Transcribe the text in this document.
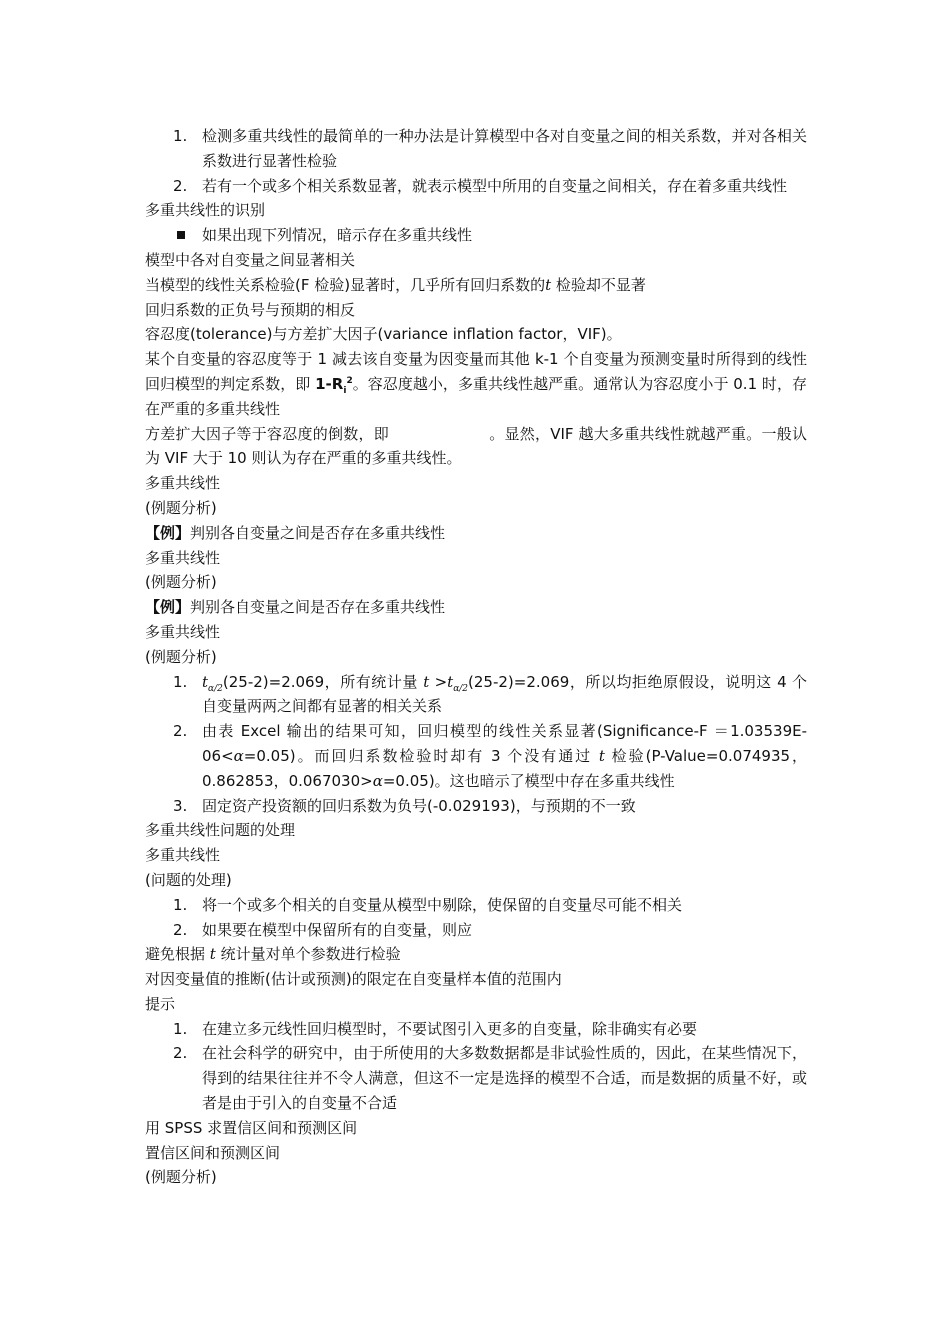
1. 检测多重共线性的最简单的一种办法是计算模型中各对自变量之间的相关系数，并对各相关系数进行显著性检验

2. 若有一个或多个相关系数显著，就表示模型中所用的自变量之间相关，存在着多重共线性

多重共线性的识别

如果出现下列情况，暗示存在多重共线性

模型中各对自变量之间显著相关

当模型的线性关系检验(F 检验)显著时，几乎所有回归系数的t 检验却不显著

回归系数的正负号与预期的相反

容忍度(tolerance)与方差扩大因子(variance inflation factor，VIF)。

某个自变量的容忍度等于 1 减去该自变量为因变量而其他 k-1 个自变量为预测变量时所得到的线性回归模型的判定系数，即 $1-R_i^2$。容忍度越小，多重共线性越严重。通常认为容忍度小于 0.1 时，存在严重的多重共线性

方差扩大因子等于容忍度的倒数，即	。显然，VIF 越大多重共线性就越严重。一般认为 VIF 大于 10 则认为存在严重的多重共线性。

多重共线性

(例题分析)

【例】判别各自变量之间是否存在多重共线性

多重共线性

(例题分析)

【例】判别各自变量之间是否存在多重共线性

多重共线性

(例题分析)

1. $t_{\alpha/2}(25-2)=2.069$，所有统计量 $t >t_{\alpha/2}(25-2)=2.069$，所以均拒绝原假设，说明这 4 个自变量两两之间都有显著的相关关系

2. 由表 Excel 输出的结果可知，回归模型的线性关系显著(Significance-F ＝1.03539E-06<α=0.05)。而回归系数检验时却有 3 个没有通过 t 检验(P-Value=0.074935，0.862853，0.067030>α=0.05)。这也暗示了模型中存在多重共线性

3. 固定资产投资额的回归系数为负号(-0.029193)，与预期的不一致

多重共线性问题的处理

多重共线性

(问题的处理)

1. 将一个或多个相关的自变量从模型中剔除，使保留的自变量尽可能不相关

2. 如果要在模型中保留所有的自变量，则应

避免根据 t 统计量对单个参数进行检验

对因变量值的推断(估计或预测)的限定在自变量样本值的范围内

提示

1. 在建立多元线性回归模型时，不要试图引入更多的自变量，除非确实有必要

2. 在社会科学的研究中，由于所使用的大多数数据都是非试验性质的，因此，在某些情况下，得到的结果往往并不令人满意，但这不一定是选择的模型不合适，而是数据的质量不好，或者是由于引入的自变量不合适

用 SPSS 求置信区间和预测区间

置信区间和预测区间

(例题分析)
